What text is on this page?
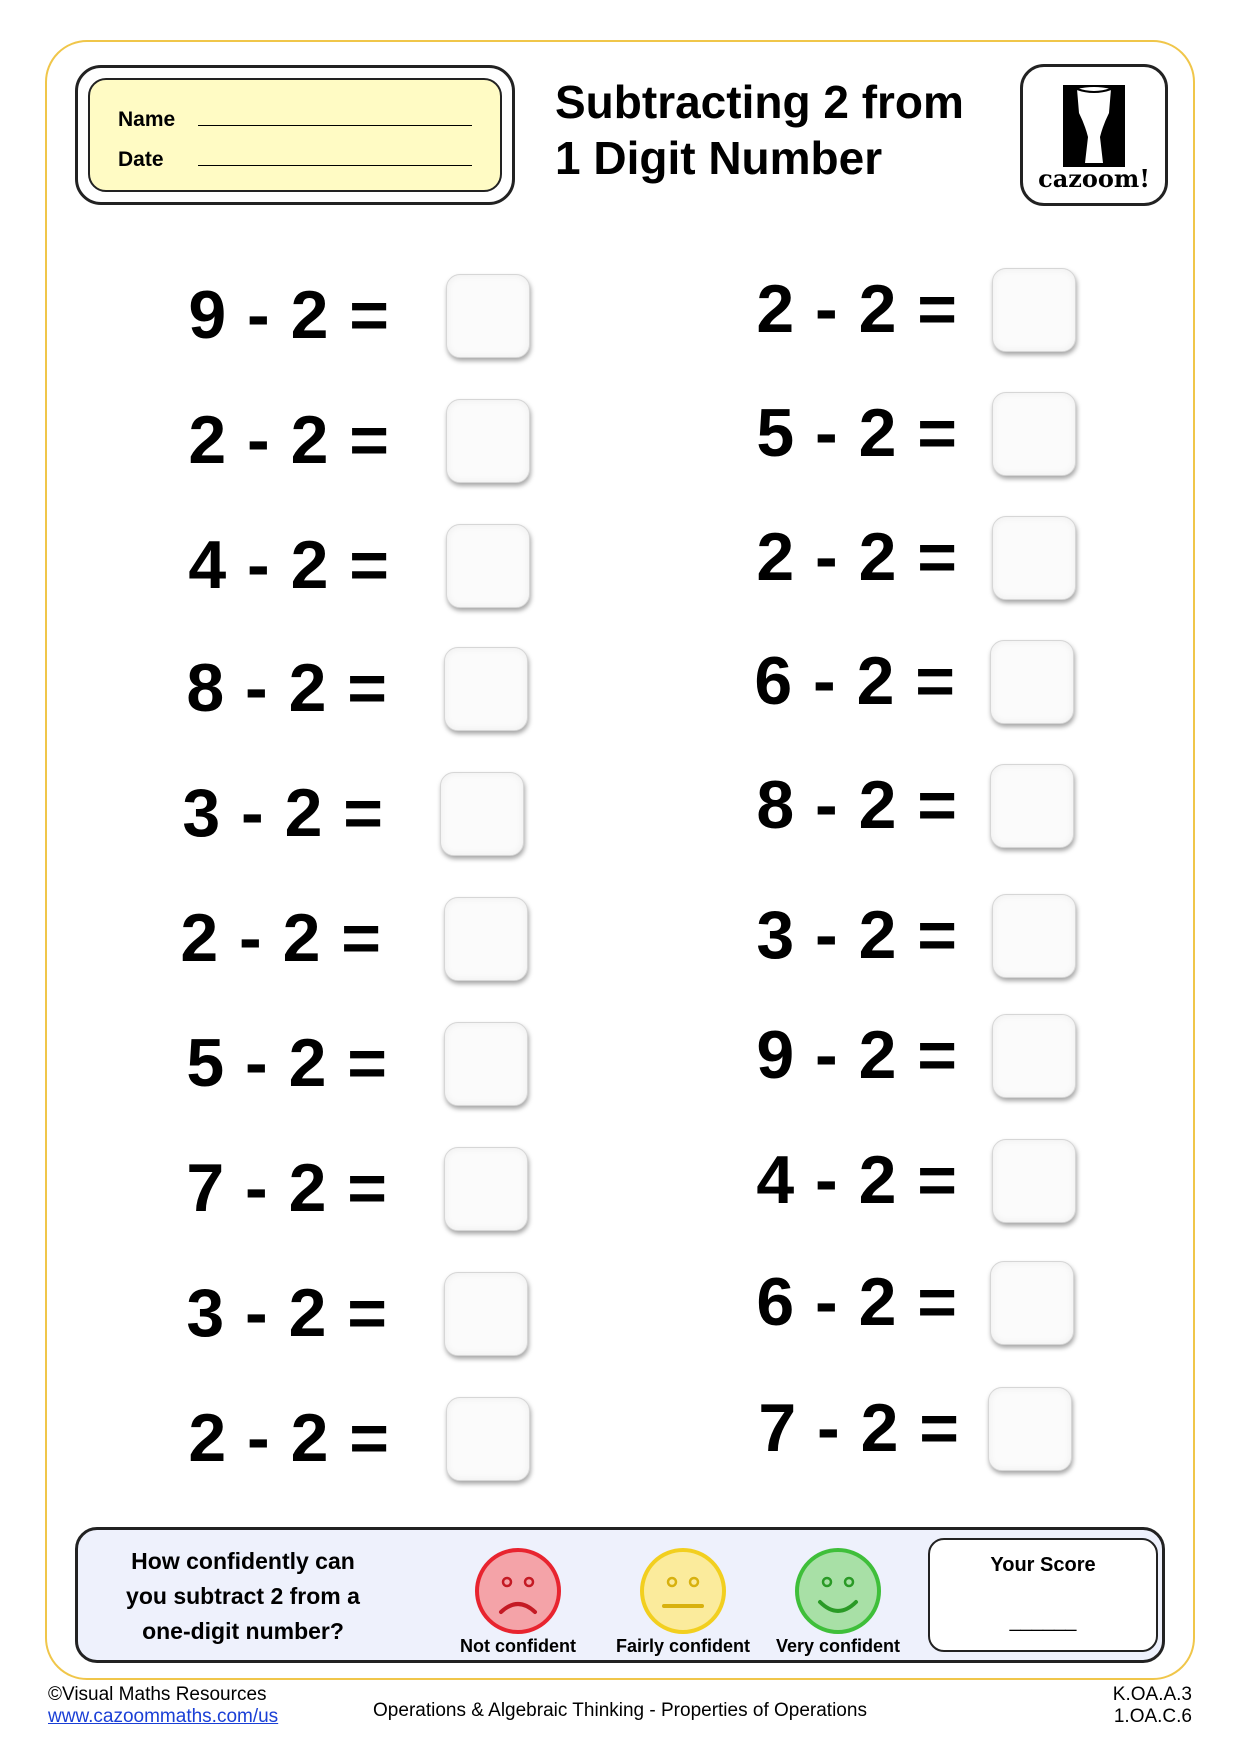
Name
Date
Subtracting 2 from
1 Digit Number	cazoom!
9 - 2 =
2 - 2 =
4 - 2 =
8 - 2 =
3 - 2 =
2 - 2 =
5 - 2 =
7 - 2 =
3 - 2 =
2 - 2 =
2 - 2 =
5 - 2 =
2 - 2 =
6 - 2 =
8 - 2 =
3 - 2 =
9 - 2 =
4 - 2 =
6 - 2 =
7 - 2 =
How confidently can
you subtract 2 from a
one-digit number?
Not confident	Fairly confident	Very confident
Your Score
______
©Visual Maths Resources
www.cazoommaths.com/us	Operations & Algebraic Thinking - Properties of Operations
K.OA.A.3
1.OA.C.6
